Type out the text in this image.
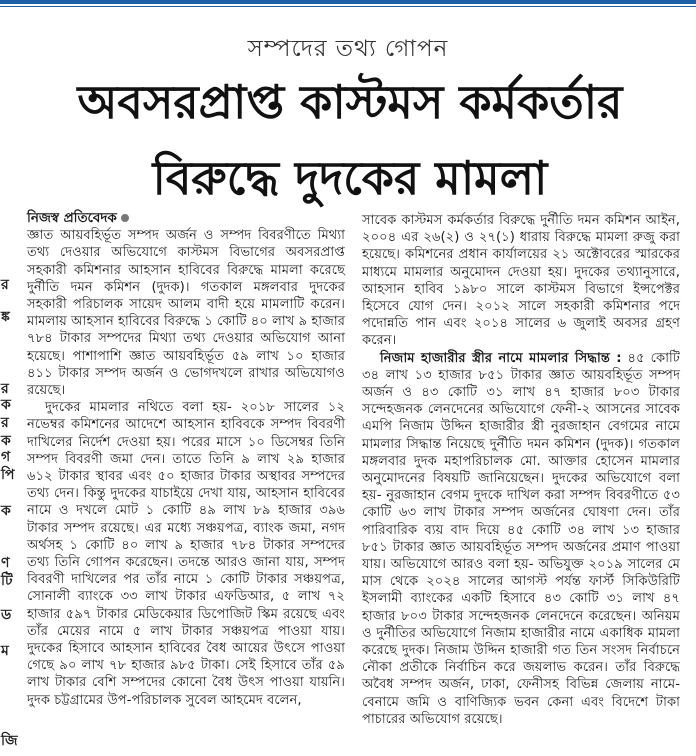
র
ঙ্ক
র
ক
র
ক
গ
পি
ক
ণ
টি
ড
ম
জি
সম্পদের তথ্য গোপন
অবসরপ্রাপ্ত কাস্টমস কর্মকর্তার
বিরুদ্ধে দুদকের মামলা

নিজস্ব প্রতিবেদক

জ্ঞাত আয়বহির্ভূত সম্পদ অর্জন ও সম্পদ বিবরণীতে মিথ্যা তথ্য দেওয়ার অভিযোগে কাস্টমস বিভাগের অবসরপ্রাপ্ত সহকারী কমিশনার আহসান হাবিবের বিরুদ্ধে মামলা করেছে দুর্নীতি দমন কমিশন (দুদক)। গতকাল মঙ্গলবার দুদকের সহকারী পরিচালক সায়েদ আলম বাদী হয়ে মামলাটি করেন। মামলায় আহসান হাবিবের বিরুদ্ধে ১ কোটি ৪০ লাখ ৯ হাজার ৭৮৪ টাকার সম্পদের মিথ্যা তথ্য দেওয়ার অভিযোগ আনা হয়েছে। পাশাপাশি জ্ঞাত আয়বহির্ভূত ৫৯ লাখ ১০ হাজার ৪১১ টাকার সম্পদ অর্জন ও ভোগদখলে রাখার অভিযোগও রয়েছে।

দুদকের মামলার নথিতে বলা হয়- ২০১৮ সালের ১২ নভেম্বর কমিশনের আদেশে আহসান হাবিবকে সম্পদ বিবরণী দাখিলের নির্দেশ দেওয়া হয়। পরের মাসে ১০ ডিসেম্বর তিনি সম্পদ বিবরণী জমা দেন। তাতে তিনি ৯ লাখ ২৯ হাজার ৬১২ টাকার স্থাবর এবং ৫০ হাজার টাকার অস্থাবর সম্পদের তথ্য দেন। কিন্তু দুদকের যাচাইয়ে দেখা যায়, আহসান হাবিবের নামে ও দখলে মোট ১ কোটি ৪৯ লাখ ৮৯ হাজার ৩৯৬ টাকার সম্পদ রয়েছে। এর মধ্যে সঞ্চয়পত্র, ব্যাংক জমা, নগদ অর্থসহ ১ কোটি ৪০ লাখ ৯ হাজার ৭৮৪ টাকার সম্পদের তথ্য তিনি গোপন করেছেন। তদন্তে আরও জানা যায়, সম্পদ বিবরণী দাখিলের পর তাঁর নামে ১ কোটি টাকার সঞ্চয়পত্র, সোনালী ব্যাংকে ৩৩ লাখ টাকার এফডিআর, ৫ লাখ ৭২ হাজার ৫৯৭ টাকার মেডিকেয়ার ডিপোজিট স্কিম রয়েছে এবং তাঁর মেয়ের নামে ৫ লাখ টাকার সঞ্চয়পত্র পাওয়া যায়। দুদকের হিসাবে আহসান হাবিবের বৈধ আয়ের উৎসে পাওয়া গেছে ৯০ লাখ ৭৮ হাজার ৯৮৫ টাকা। সেই হিসাবে তাঁর ৫৯ লাখ টাকার বেশি সম্পদের কোনো বৈধ উৎস পাওয়া যায়নি। দুদক চট্টগ্রামের উপ-পরিচালক সুবেল আহমেদ বলেন,

সাবেক কাস্টমস কর্মকর্তার বিরুদ্ধে দুর্নীতি দমন কমিশন আইন, ২০০৪ এর ২৬(২) ও ২৭(১) ধারায় বিরুদ্ধে মামলা রুজু করা হয়েছে। কমিশনের প্রধান কার্যালয়ের ২১ অক্টোবরের স্মারকের মাধ্যমে মামলার অনুমোদন দেওয়া হয়। দুদকের তথ্যানুসারে, আহসান হাবিব ১৯৮০ সালে কাস্টমস বিভাগে ইন্সপেক্টর হিসেবে যোগ দেন। ২০১২ সালে সহকারী কমিশনার পদে পদোন্নতি পান এবং ২০১৪ সালের ৬ জুলাই অবসর গ্রহণ করেন।

নিজাম হাজারীর স্ত্রীর নামে মামলার সিদ্ধান্ত : ৪৫ কোটি ৩৪ লাখ ১৩ হাজার ৮৫১ টাকার জ্ঞাত আয়বহির্ভূত সম্পদ অর্জন ও ৪৩ কোটি ৩১ লাখ ৪৭ হাজার ৮০৩ টাকার সন্দেহজনক লেনদেনের অভিযোগে ফেনী-২ আসনের সাবেক এমপি নিজাম উদ্দিন হাজারীর স্ত্রী নুরজাহান বেগমের নামে মামলার সিদ্ধান্ত নিয়েছে দুর্নীতি দমন কমিশন (দুদক)। গতকাল মঙ্গলবার দুদক মহাপরিচালক মো. আক্তার হোসেন মামলার অনুমোদনের বিষয়টি জানিয়েছেন। দুদকের অভিযোগে বলা হয়- নুরজাহান বেগম দুদকে দাখিল করা সম্পদ বিবরণীতে ৫৩ কোটি ৬৩ লাখ টাকার সম্পদ অর্জনের ঘোষণা দেন। তাঁর পারিবারিক ব্যয় বাদ দিয়ে ৪৫ কোটি ৩৪ লাখ ১৩ হাজার ৮৫১ টাকার জ্ঞাত আয়বহির্ভূত সম্পদ অর্জনের প্রমাণ পাওয়া যায়। অভিযোগে আরও বলা হয়- অভিযুক্ত ২০১৯ সালের মে মাস থেকে ২০২৪ সালের আগস্ট পর্যন্ত ফার্স্ট সিকিউরিটি ইসলামী ব্যাংকের একটি হিসাবে ৪৩ কোটি ৩১ লাখ ৪৭ হাজার ৮০৩ টাকার সন্দেহজনক লেনদেনে করেছেন। অনিয়ম ও দুর্নীতির অভিযোগে নিজাম হাজারীর নামে একাধিক মামলা করেছে দুদক। নিজাম উদ্দিন হাজারী গত তিন সংসদ নির্বাচনে নৌকা প্রতীকে নির্বাচিন করে জয়লাভ করেন। তাঁর বিরুদ্ধে অবৈধ সম্পদ অর্জন, ঢাকা, ফেনীসহ বিভিন্ন জেলায় নামে-বেনামে জমি ও বাণিজ্যিক ভবন কেনা এবং বিদেশে টাকা পাচারের অভিযোগ রয়েছে।
